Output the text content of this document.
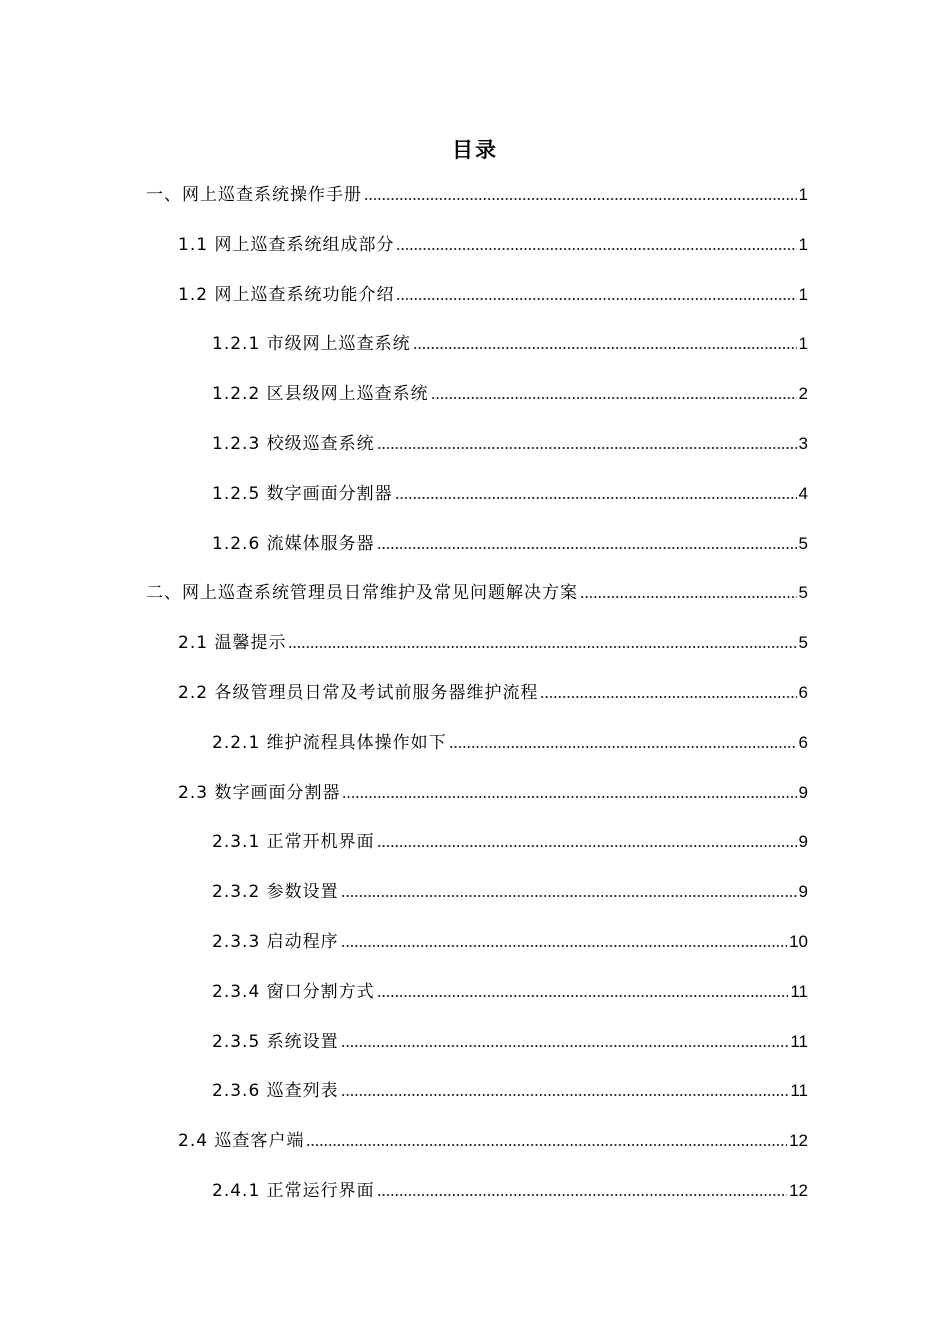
目录
一、网上巡查系统操作手册	1
1.1 网上巡查系统组成部分	1
1.2 网上巡查系统功能介绍	1
1.2.1 市级网上巡查系统	1
1.2.2 区县级网上巡查系统	2
1.2.3 校级巡查系统	3
1.2.5 数字画面分割器	4
1.2.6 流媒体服务器	5
二、网上巡查系统管理员日常维护及常见问题解决方案	5
2.1 温馨提示	5
2.2 各级管理员日常及考试前服务器维护流程	6
2.2.1 维护流程具体操作如下	6
2.3 数字画面分割器	9
2.3.1 正常开机界面	9
2.3.2 参数设置	9
2.3.3 启动程序	10
2.3.4 窗口分割方式	11
2.3.5 系统设置	11
2.3.6 巡查列表	11
2.4 巡查客户端	12
2.4.1 正常运行界面	12
